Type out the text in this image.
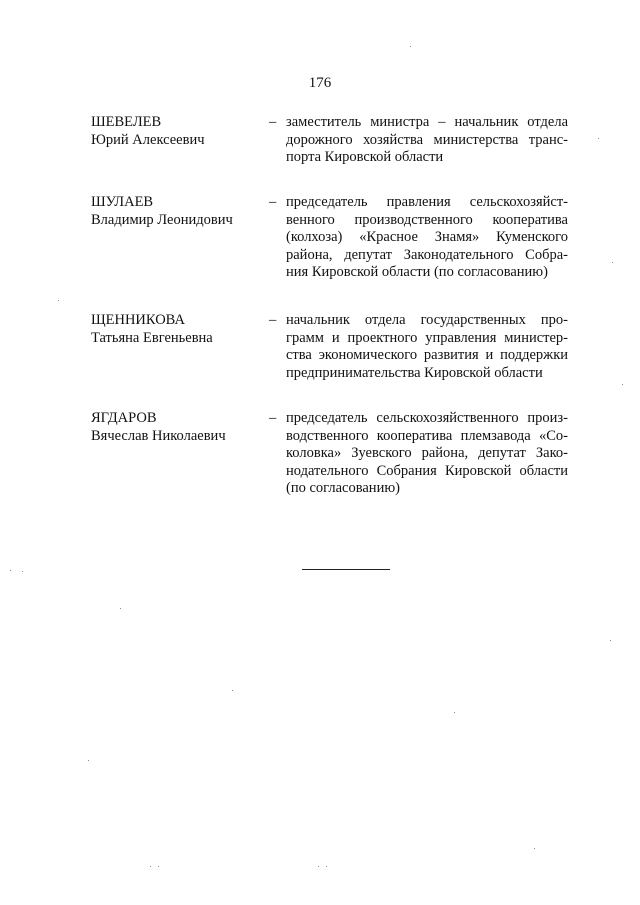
176
ШЕВЕЛЕВ
Юрий Алексеевич
– заместитель министра – начальник отдела
дорожного хозяйства министерства транс-
порта Кировской области
ШУЛАЕВ
Владимир Леонидович
– председатель правления сельскохозяйст-
венного производственного кооператива
(колхоза) «Красное Знамя» Куменского
района, депутат Законодательного Собра-
ния Кировской области (по согласованию)
ЩЕННИКОВА
Татьяна Евгеньевна
– начальник отдела государственных про-
грамм и проектного управления министер-
ства экономического развития и поддержки
предпринимательства Кировской области
ЯГДАРОВ
Вячеслав Николаевич
– председатель сельскохозяйственного произ-
водственного кооператива племзавода «Со-
коловка» Зуевского района, депутат Зако-
нодательного Собрания Кировской области
(по согласованию)
